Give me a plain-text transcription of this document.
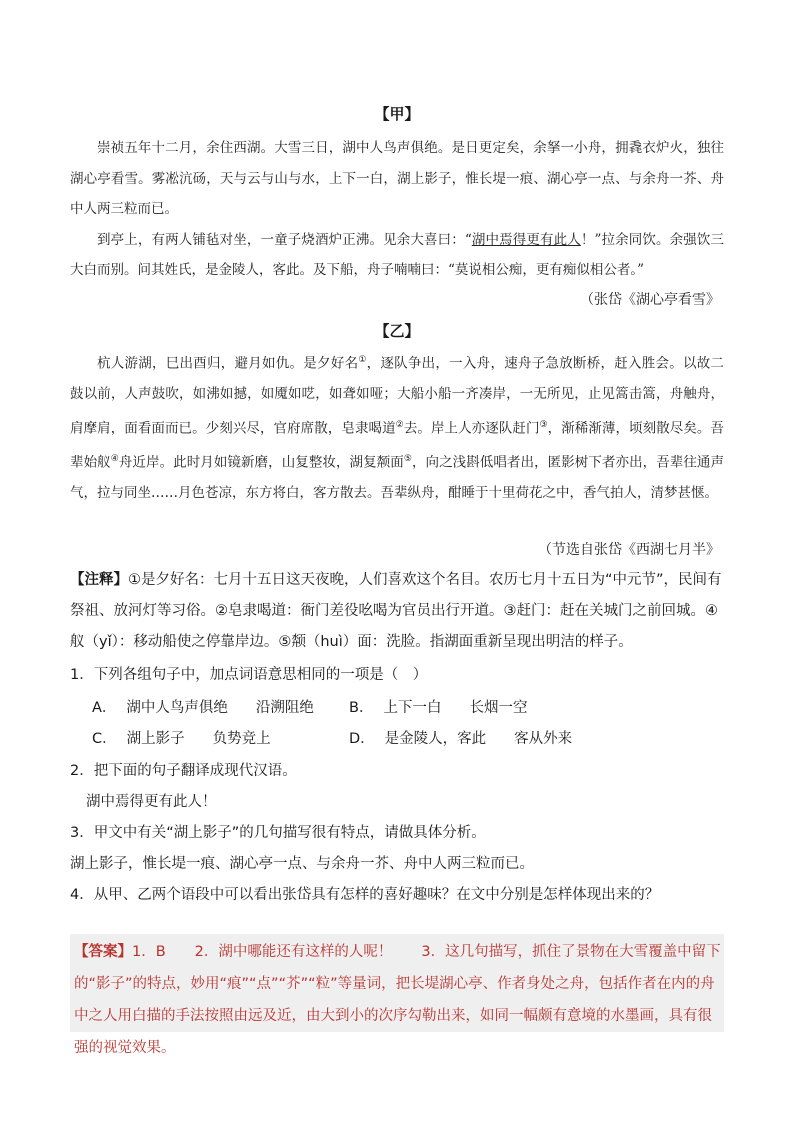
【甲】

崇祯五年十二月，余住西湖。大雪三日，湖中人鸟声俱绝。是日更定矣，余拏一小舟，拥毳衣炉火，独往湖心亭看雪。雾凇沆砀，天与云与山与水，上下一白，湖上影子，惟长堤一痕、湖心亭一点、与余舟一芥、舟中人两三粒而已。

到亭上，有两人铺毡对坐，一童子烧酒炉正沸。见余大喜曰：“湖中焉得更有此人！”拉余同饮。余强饮三大白而别。问其姓氏，是金陵人，客此。及下船，舟子喃喃曰：“莫说相公痴，更有痴似相公者。”

（张岱《湖心亭看雪》
【乙】

杭人游湖，巳出酉归，避月如仇。是夕好名①，逐队争出，一入舟，速舟子急放断桥，赶入胜会。以故二鼓以前，人声鼓吹，如沸如撼，如魇如呓，如聋如哑；大船小船一齐凑岸，一无所见，止见篙击篙，舟触舟，肩摩肩，面看面而已。少刻兴尽，官府席散，皂隶喝道②去。岸上人亦逐队赶门③，渐稀渐薄，顷刻散尽矣。吾辈始舣④舟近岸。此时月如镜新磨，山复整妆，湖复颒面⑤，向之浅斟低唱者出，匿影树下者亦出，吾辈往通声气，拉与同坐……月色苍凉，东方将白，客方散去。吾辈纵舟，酣睡于十里荷花之中，香气拍人，清梦甚惬。

（节选自张岱《西湖七月半》
【注释】①是夕好名：七月十五日这天夜晚，人们喜欢这个名目。农历七月十五日为“中元节”，民间有祭祖、放河灯等习俗。②皂隶喝道：衙门差役吆喝为官员出行开道。③赶门：赶在关城门之前回城。④舣（yǐ）：移动船使之停靠岸边。⑤颒（huì）面：洗脸。指湖面重新呈现出明洁的样子。
1．下列各组句子中，加点词语意思相同的一项是（　）
A． 湖中人鸟声俱绝 沿溯阻绝 B． 上下一白 长烟一空
C． 湖上影子 负势竞上	D． 是金陵人，客此 客从外来
2．把下面的句子翻译成现代汉语。
湖中焉得更有此人！
3．甲文中有关“湖上影子”的几句描写很有特点，请做具体分析。
湖上影子，惟长堤一痕、湖心亭一点、与余舟一芥、舟中人两三粒而已。
4．从甲、乙两个语段中可以看出张岱具有怎样的喜好趣味？在文中分别是怎样体现出来的？
【答案】1．B　　2．湖中哪能还有这样的人呢！　　3．这几句描写，抓住了景物在大雪覆盖中留下的“影子”的特点，妙用“痕”“点”“芥”“粒”等量词，把长堤湖心亭、作者身处之舟，包括作者在内的舟中之人用白描的手法按照由远及近，由大到小的次序勾勒出来，如同一幅颇有意境的水墨画，具有很强的视觉效果。
